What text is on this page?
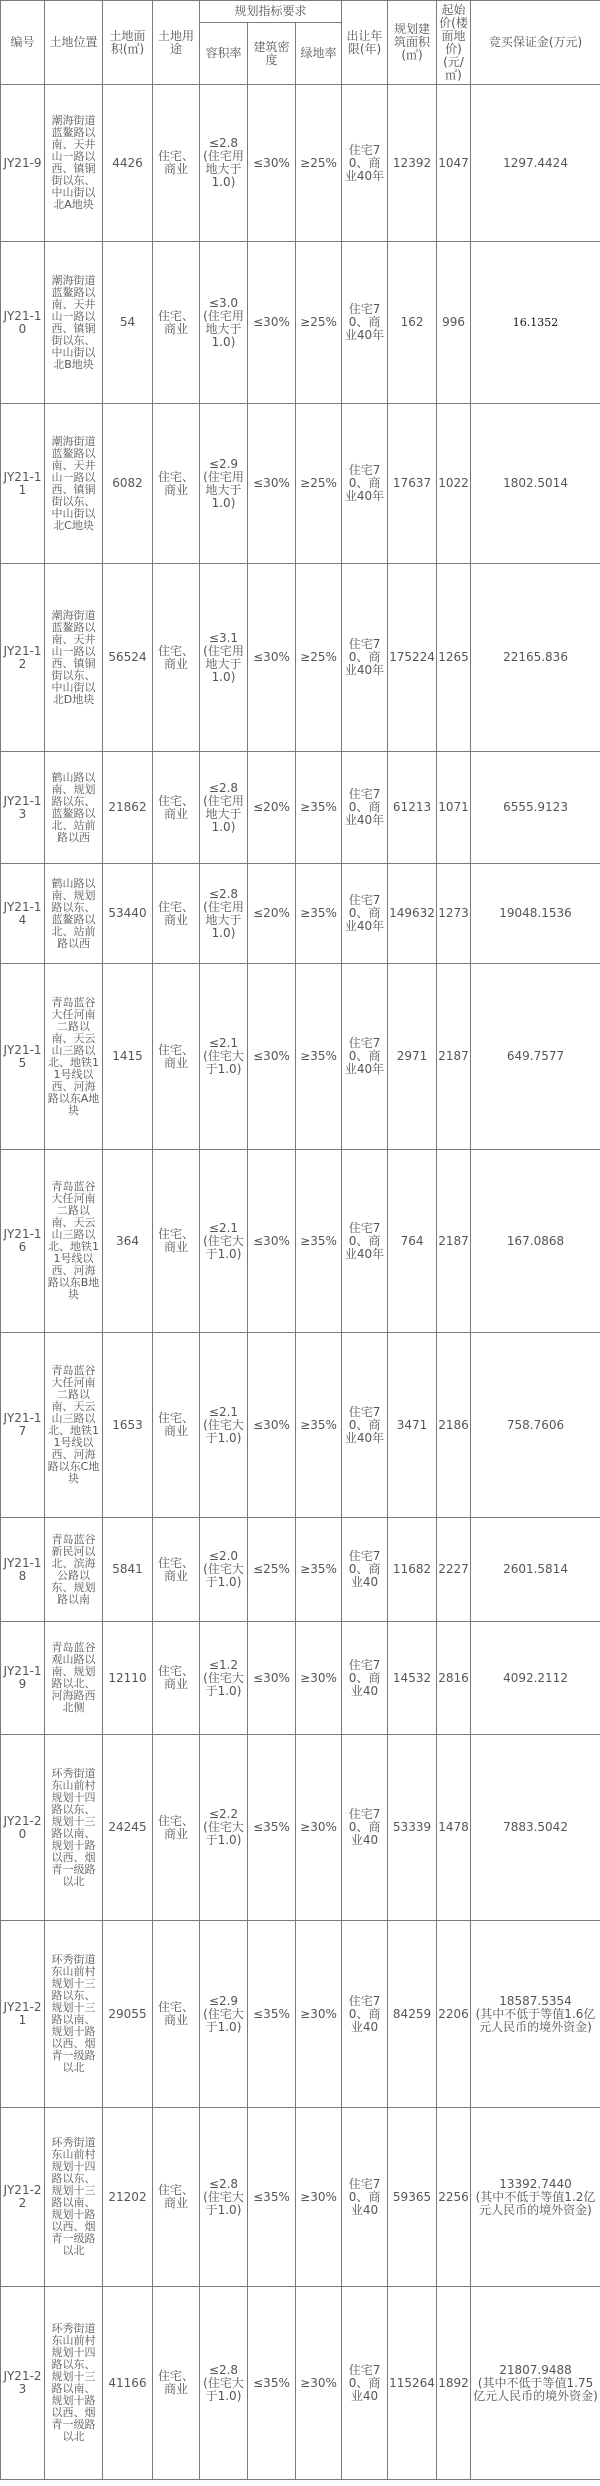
编号	土地位置	土地面积(㎡)	土地用途	规划指标要求			出让年限(年)	规划建筑面积(㎡)	起始价(楼面地价)(元/㎡)	竞买保证金(万元)
				容积率	建筑密度	绿地率				
JY21-9	潮海街道蓝鳌路以南、天井山一路以西、镇铜街以东、中山街以北A地块	4426	住宅、商业	≤2.8(住宅用地大于1.0)	≤30%	≥25%	住宅70、商业40年	12392	1047	1297.4424
JY21-10	潮海街道蓝鳌路以南、天井山一路以西、镇铜街以东、中山街以北B地块	54	住宅、商业	≤3.0(住宅用地大于1.0)	≤30%	≥25%	住宅70、商业40年	162	996	16.1352
JY21-11	潮海街道蓝鳌路以南、天井山一路以西、镇铜街以东、中山街以北C地块	6082	住宅、商业	≤2.9(住宅用地大于1.0)	≤30%	≥25%	住宅70、商业40年	17637	1022	1802.5014
JY21-12	潮海街道蓝鳌路以南、天井山一路以西、镇铜街以东、中山街以北D地块	56524	住宅、商业	≤3.1(住宅用地大于1.0)	≤30%	≥25%	住宅70、商业40年	175224	1265	22165.836
JY21-13	鹤山路以南、规划路以东、蓝鳌路以北、站前路以西	21862	住宅、商业	≤2.8(住宅用地大于1.0)	≤20%	≥35%	住宅70、商业40年	61213	1071	6555.9123
JY21-14	鹤山路以南、规划路以东、蓝鳌路以北、站前路以西	53440	住宅、商业	≤2.8(住宅用地大于1.0)	≤20%	≥35%	住宅70、商业40年	149632	1273	19048.1536
JY21-15	青岛蓝谷大任河南二路以南、天云山三路以北、地铁11号线以西、河海路以东A地块	1415	住宅、商业	≤2.1(住宅大于1.0)	≤30%	≥35%	住宅70、商业40年	2971	2187	649.7577
JY21-16	青岛蓝谷大任河南二路以南、天云山三路以北、地铁11号线以西、河海路以东B地块	364	住宅、商业	≤2.1(住宅大于1.0)	≤30%	≥35%	住宅70、商业40年	764	2187	167.0868
JY21-17	青岛蓝谷大任河南二路以南、天云山三路以北、地铁11号线以西、河海路以东C地块	1653	住宅、商业	≤2.1(住宅大于1.0)	≤30%	≥35%	住宅70、商业40年	3471	2186	758.7606
JY21-18	青岛蓝谷新民河以北、滨海公路以东、规划路以南	5841	住宅、商业	≤2.0(住宅大于1.0)	≤25%	≥35%	住宅70、商业40	11682	2227	2601.5814
JY21-19	青岛蓝谷观山路以南、规划路以北、河海路西北侧	12110	住宅、商业	≤1.2(住宅大于1.0)	≤30%	≥30%	住宅70、商业40	14532	2816	4092.2112
JY21-20	环秀街道东山前村规划十四路以东、规划十三路以南、规划十路以西、烟青一级路以北	24245	住宅、商业	≤2.2(住宅大于1.0)	≤35%	≥30%	住宅70、商业40	53339	1478	7883.5042
JY21-21	环秀街道东山前村规划十三路以东、规划十三路以南、规划十路以西、烟青一级路以北	29055	住宅、商业	≤2.9(住宅大于1.0)	≤35%	≥30%	住宅70、商业40	84259	2206	18587.5354
(其中不低于等值1.6亿元人民币的境外资金)

JY21-22	环秀街道东山前村规划十四路以东、规划十三路以南、规划十路以西、烟青一级路以北	21202	住宅、商业	≤2.8(住宅大于1.0)	≤35%	≥30%	住宅70、商业40	59365	2256	13392.7440
(其中不低于等值1.2亿元人民币的境外资金)

JY21-23	环秀街道东山前村规划十四路以东、规划十三路以南、规划十路以西、烟青一级路以北	41166	住宅、商业	≤2.8(住宅大于1.0)	≤35%	≥30%	住宅70、商业40	115264	1892	21807.9488
(其中不低于等值1.75亿元人民币的境外资金)
